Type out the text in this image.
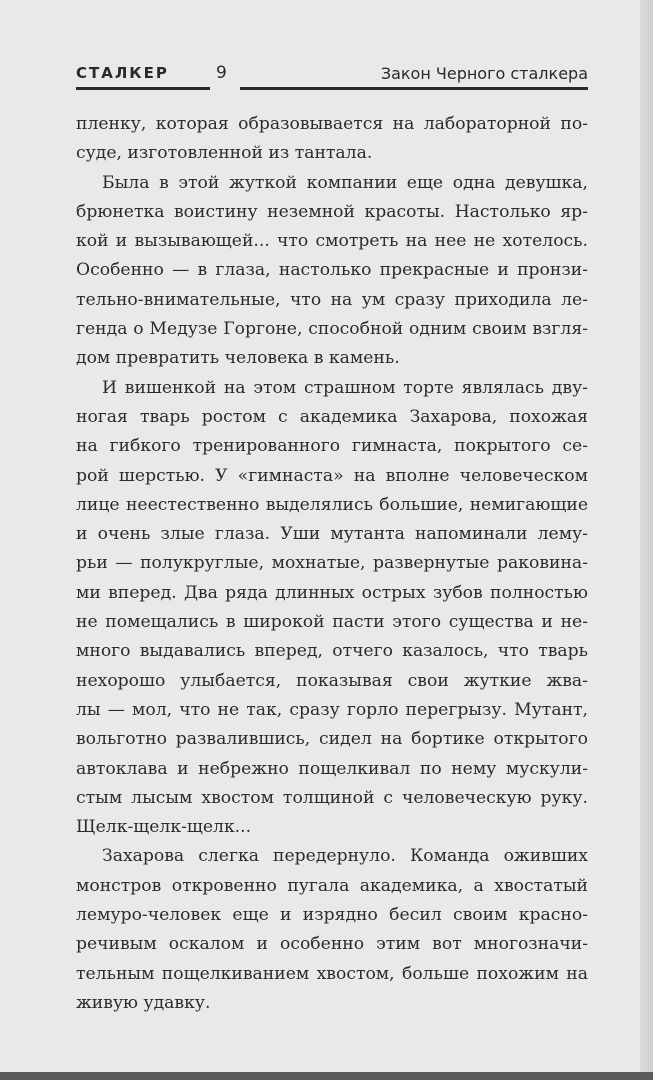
СТАЛКЕР	9	Закон Черного сталкера
пленку, которая образовывается на лабораторной по-
суде, изготовленной из тантала.
Была в этой жуткой компании еще одна девушка,
брюнетка воистину неземной красоты. Настолько яр-
кой и вызывающей... что смотреть на нее не хотелось.
Особенно — в глаза, настолько прекрасные и пронзи-
тельно-внимательные, что на ум сразу приходила ле-
генда о Медузе Горгоне, способной одним своим взгля-
дом превратить человека в камень.
И вишенкой на этом страшном торте являлась дву-
ногая тварь ростом с академика Захарова, похожая
на гибкого тренированного гимнаста, покрытого се-
рой шерстью. У «гимнаста» на вполне человеческом
лице неестественно выделялись большие, немигающие
и очень злые глаза. Уши мутанта напоминали лему-
рьи — полукруглые, мохнатые, развернутые раковина-
ми вперед. Два ряда длинных острых зубов полностью
не помещались в широкой пасти этого существа и не-
много выдавались вперед, отчего казалось, что тварь
нехорошо улыбается, показывая свои жуткие жва-
лы — мол, что не так, сразу горло перегрызу. Мутант,
вольготно развалившись, сидел на бортике открытого
автоклава и небрежно пощелкивал по нему мускули-
стым лысым хвостом толщиной с человеческую руку.
Щелк-щелк-щелк...
Захарова слегка передернуло. Команда оживших
монстров откровенно пугала академика, а хвостатый
лемуро-человек еще и изрядно бесил своим красно-
речивым оскалом и особенно этим вот многозначи-
тельным пощелкиванием хвостом, больше похожим на
живую удавку.
